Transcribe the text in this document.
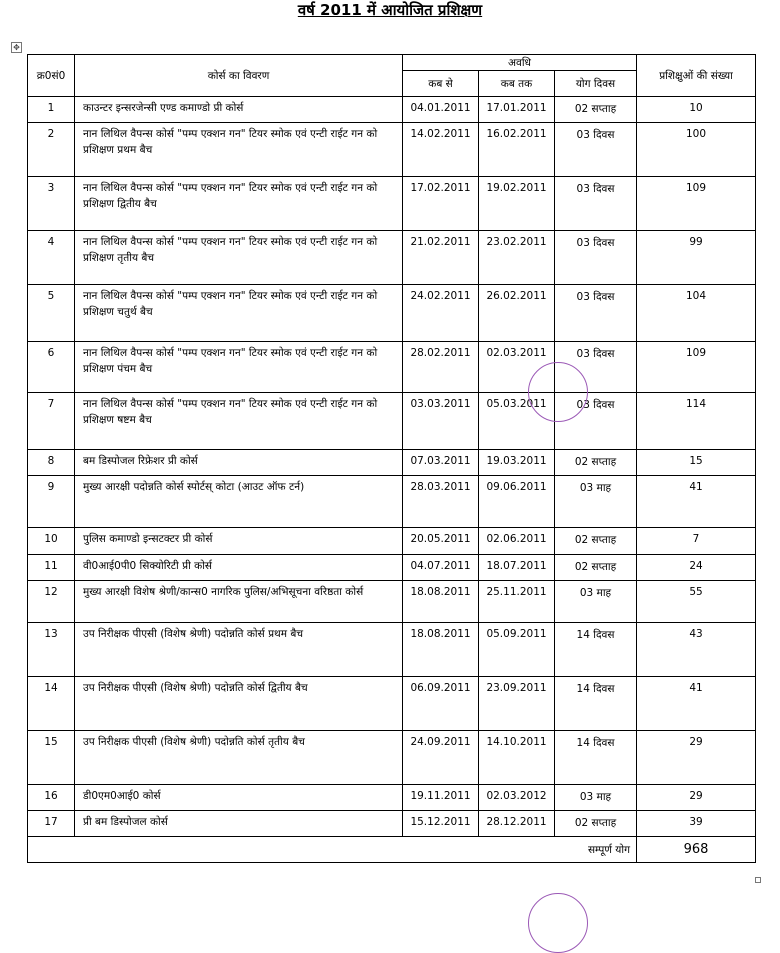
वर्ष 2011 में आयोजित प्रशिक्षण
✥
क्र0सं0	कोर्स का विवरण	अवधि			प्रशिक्षुओं की संख्या
		कब से	कब तक	योग दिवस	
1	काउन्टर इन्सरजेन्सी एण्ड कमाण्डो प्री कोर्स	04.01.2011	17.01.2011	02 सप्ताह	10
2	नान लिथिल वैपन्स कोर्स "पम्प एक्शन गन" टियर स्मोक एवं एन्टी राईट गन को प्रशिक्षण प्रथम बैच	14.02.2011	16.02.2011	03 दिवस	100
3	नान लिथिल वैपन्स कोर्स "पम्प एक्शन गन" टियर स्मोक एवं एन्टी राईट गन को प्रशिक्षण द्वितीय बैच	17.02.2011	19.02.2011	03 दिवस	109
4	नान लिथिल वैपन्स कोर्स "पम्प एक्शन गन" टियर स्मोक एवं एन्टी राईट गन को प्रशिक्षण तृतीय बैच	21.02.2011	23.02.2011	03 दिवस	99
5	नान लिथिल वैपन्स कोर्स "पम्प एक्शन गन" टियर स्मोक एवं एन्टी राईट गन को प्रशिक्षण चतुर्थ बैच	24.02.2011	26.02.2011	03 दिवस	104
6	नान लिथिल वैपन्स कोर्स "पम्प एक्शन गन" टियर स्मोक एवं एन्टी राईट गन को प्रशिक्षण पंचम बैच	28.02.2011	02.03.2011	03 दिवस	109
7	नान लिथिल वैपन्स कोर्स "पम्प एक्शन गन" टियर स्मोक एवं एन्टी राईट गन को प्रशिक्षण षष्टम बैच	03.03.2011	05.03.2011	03 दिवस	114
8	बम डिस्पोजल रिफ्रेशर प्री कोर्स	07.03.2011	19.03.2011	02 सप्ताह	15
9	मुख्य आरक्षी पदोन्नति कोर्स स्पोर्टस् कोटा (आउट ऑफ टर्न)	28.03.2011	09.06.2011	03 माह	41
10	पुलिस कमाण्डो इन्सटक्टर प्री कोर्स	20.05.2011	02.06.2011	02 सप्ताह	7
11	वी0आई0पी0 सिक्योरिटी प्री कोर्स	04.07.2011	18.07.2011	02 सप्ताह	24
12	मुख्य आरक्षी विशेष श्रेणी/कान्स0 नागरिक पुलिस/अभिसूचना वरिष्ठता कोर्स	18.08.2011	25.11.2011	03 माह	55
13	उप निरीक्षक पीएसी (विशेष श्रेणी) पदोन्नति कोर्स प्रथम बैच	18.08.2011	05.09.2011	14 दिवस	43
14	उप निरीक्षक पीएसी (विशेष श्रेणी) पदोन्नति कोर्स द्वितीय बैच	06.09.2011	23.09.2011	14 दिवस	41
15	उप निरीक्षक पीएसी (विशेष श्रेणी) पदोन्नति कोर्स तृतीय बैच	24.09.2011	14.10.2011	14 दिवस	29
16	डी0एम0आई0 कोर्स	19.11.2011	02.03.2012	03 माह	29
17	प्री बम डिस्पोजल कोर्स	15.12.2011	28.12.2011	02 सप्ताह	39
सम्पूर्ण योग					968
